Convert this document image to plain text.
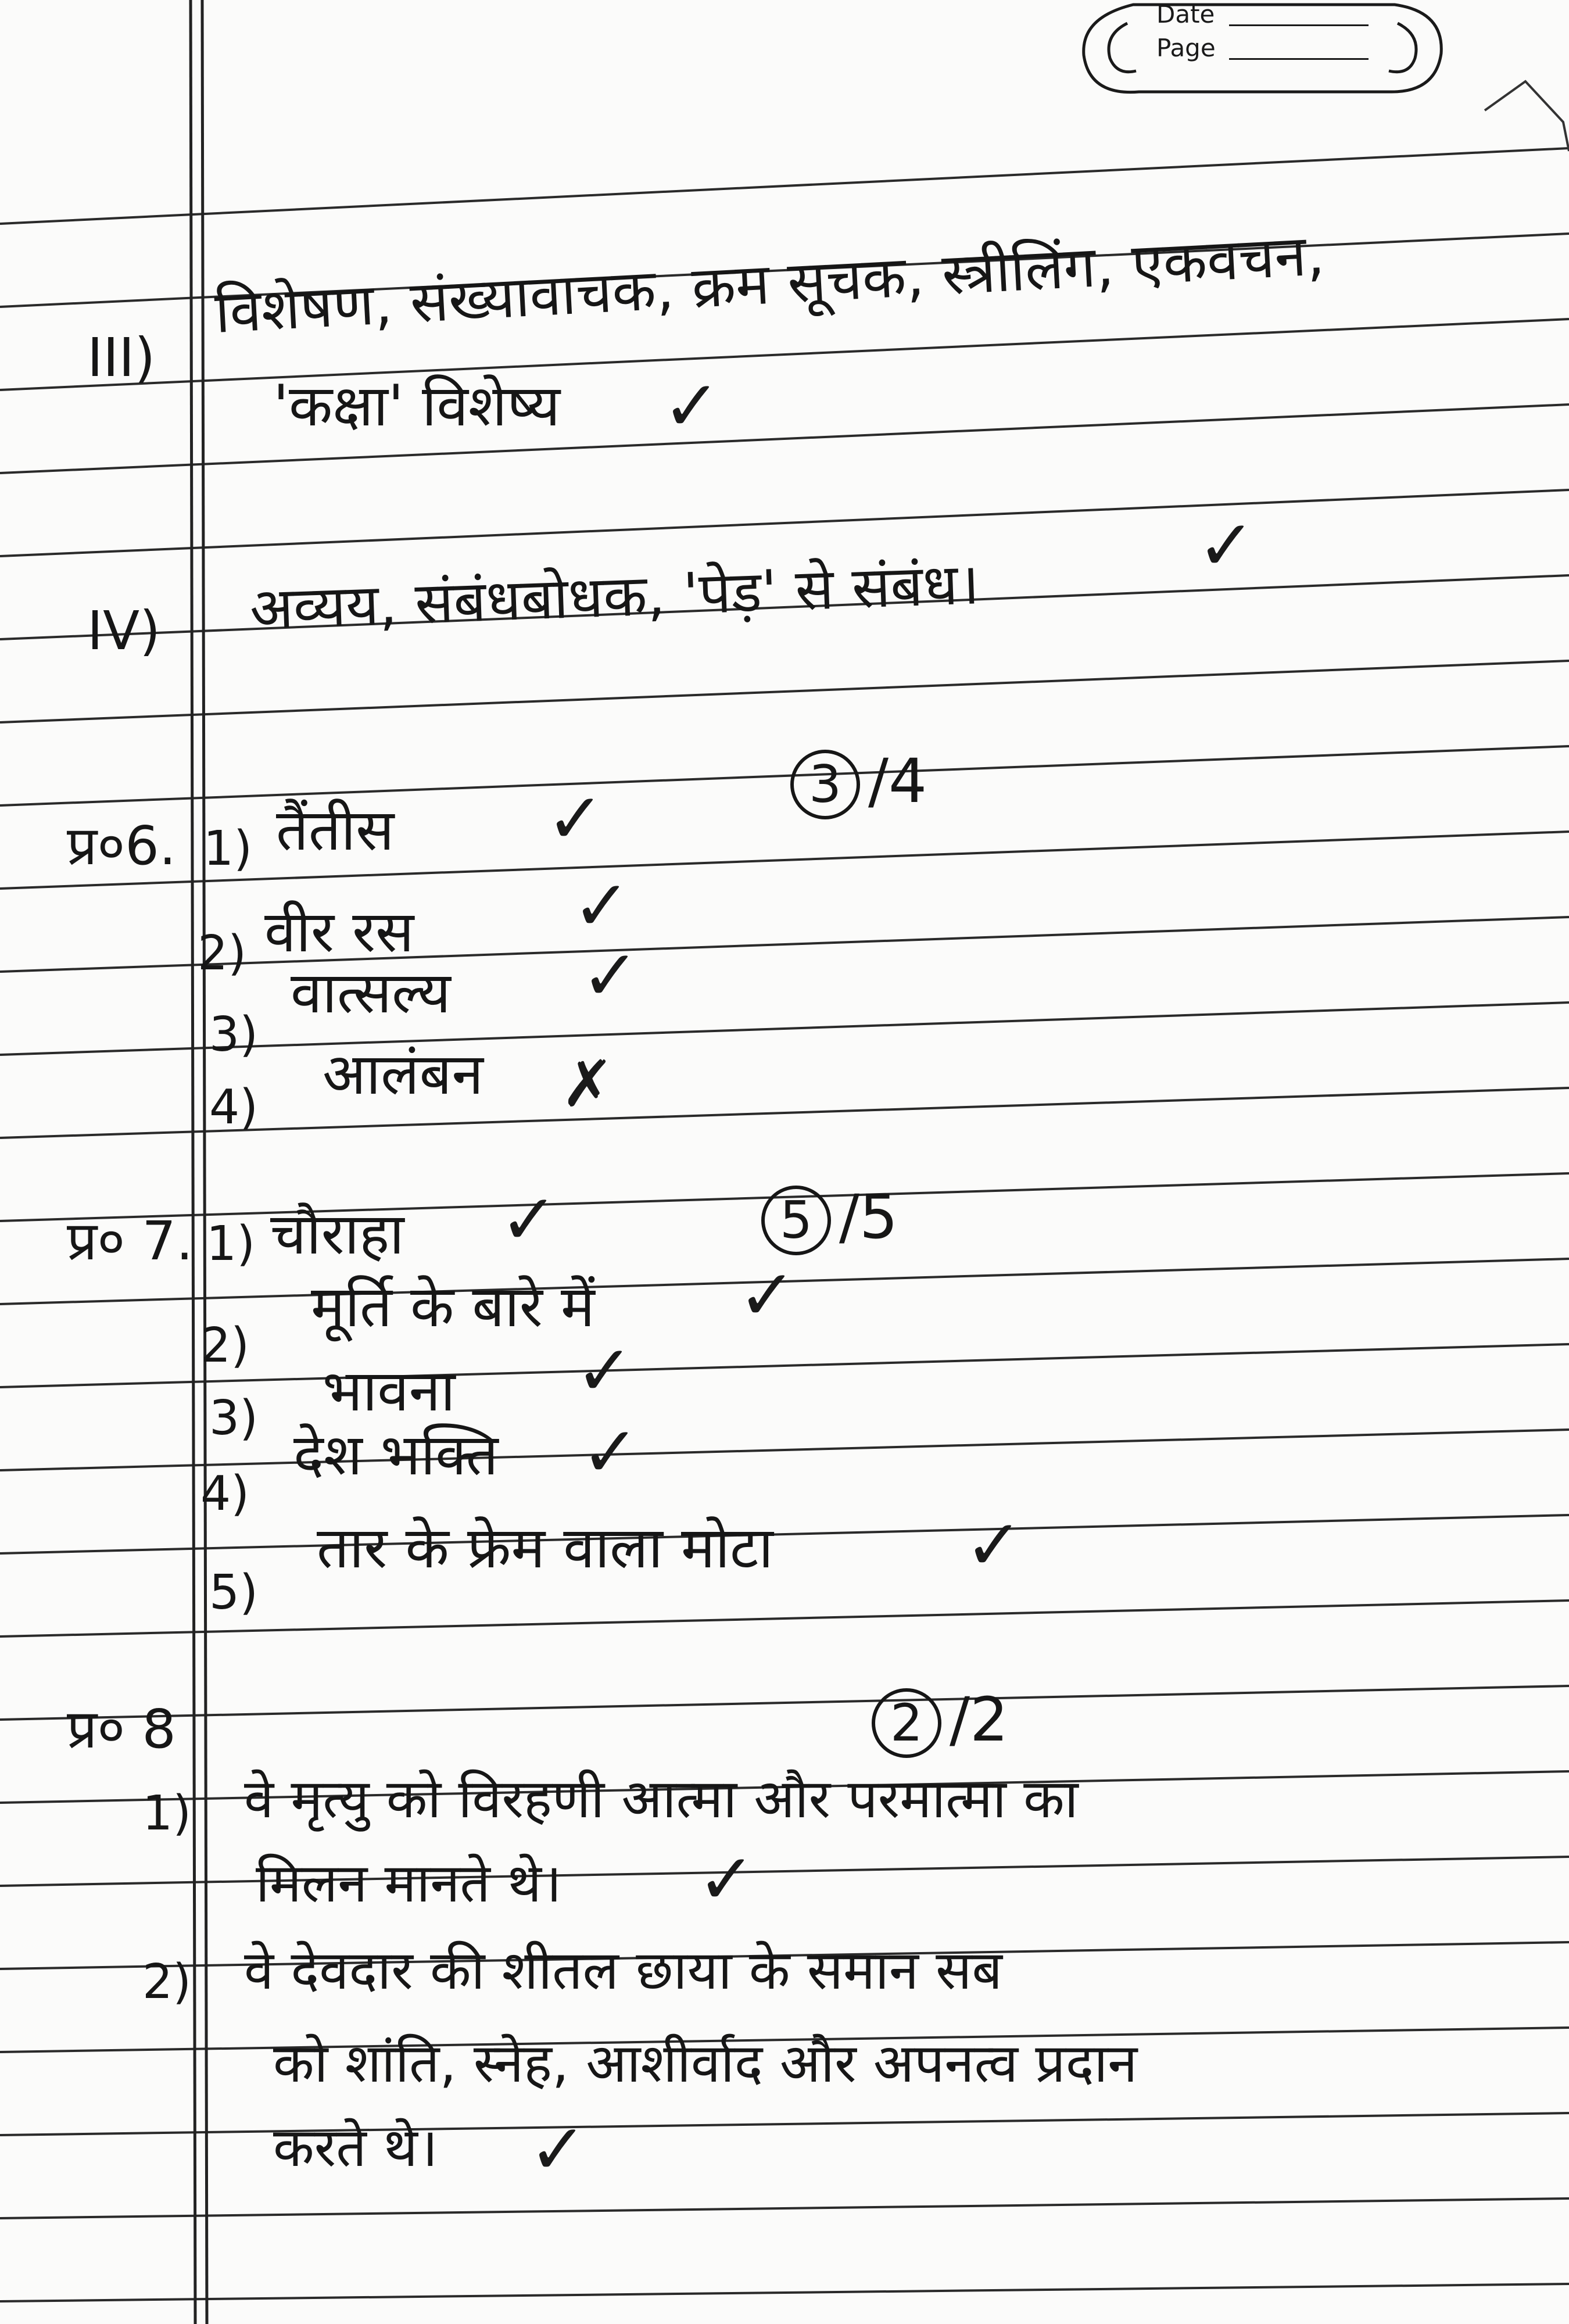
Date
Page
III)
विशेषण, संख्यावाचक, क्रम सूचक, स्त्रीलिंग, एकवचन,
'कक्षा' विशेष्य ✓
IV) अव्यय, संबंधबोधक, 'पेड़' से संबंध।
✓
प्र०6.
3 /4
1) तैंतीस ✓
2) वीर रस ✓
3)
वात्सल्य ✓
4) आलंबन ✗
प्र० 7.	5 /5
1) चौराहा ✓
2)
मूर्ति के बारे में ✓
3) भावना ✓
4)
देश भक्ति ✓
5)
तार के फ्रेम वाला मोटा	✓
प्र० 8	2 /2
1) वे मृत्यु को विरहणी आत्मा और परमात्मा का
मिलन मानते थे। ✓
2) वे देवदार की शीतल छाया के समान सब
को शांति, स्नेह, आशीर्वाद और अपनत्व प्रदान
करते थे। ✓
